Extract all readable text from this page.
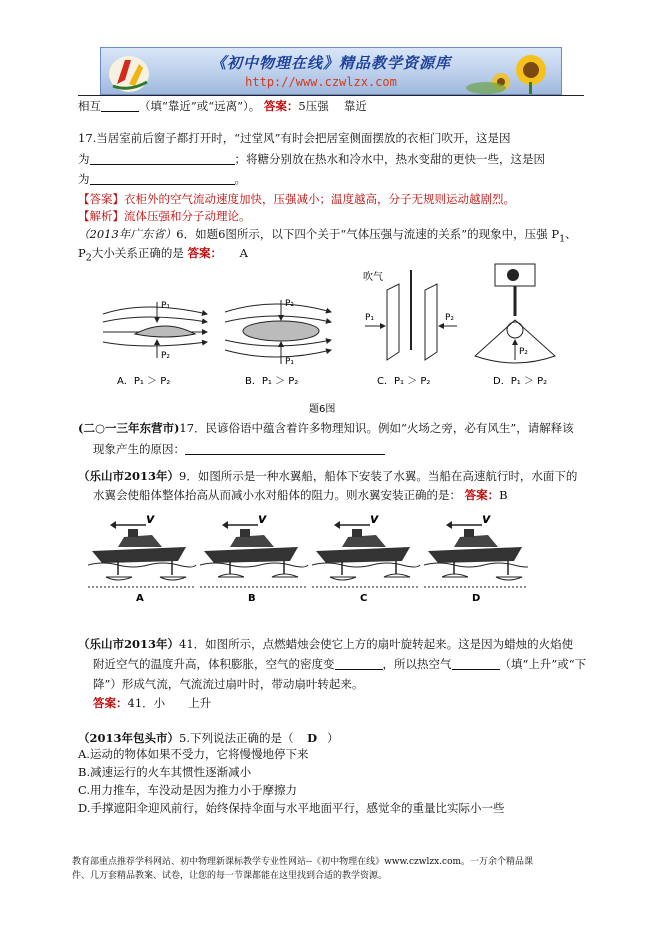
《初中物理在线》精品教学资源库
http://www.czwlzx.com
相互	（填“靠近”或“远离”）。 答案：5压强　 靠近
17.当居室前后窗子都打开时，“过堂风”有时会把居室侧面摆放的衣柜门吹开，这是因
为	；将糖分别放在热水和冷水中，热水变甜的更快一些，这是因
为	。
【答案】衣柜外的空气流动速度加快，压强减小；温度越高，分子无规则运动越剧烈。
【解析】流体压强和分子动理论。
（2013年广东省）6．如题6图所示，以下四个关于“气体压强与流速的关系”的现象中，压强 $P_1$、
$P_2$大小关系正确的是 答案： A
P₁
P₂
P₂
P₁
吹气
P₁	P₂
P₂
A．P₁ ＞ P₂	B．P₁ ＞ P₂	C．P₁ ＞ P₂	D．P₁ ＞ P₂
题6图
(二○一三年东营市)17．民谚俗语中蕴含着许多物理知识。例如“火场之旁，必有风生”，请解释该
现象产生的原因：
（乐山市2013年）9．如图所示是一种水翼船，船体下安装了水翼。当船在高速航行时，水面下的
水翼会使船体整体抬高从而减小水对船体的阻力。则水翼安装正确的是： 答案：B
v
A
v
B
v
C
v
D
（乐山市2013年）41．如图所示，点燃蜡烛会使它上方的扇叶旋转起来。这是因为蜡烛的火焰使
附近空气的温度升高，体积膨胀，空气的密度变	，所以热空气	（填“上升”或“下
降”）形成气流，气流流过扇叶时，带动扇叶转起来。
答案：41．小　　上升
（2013年包头市）5.下列说法正确的是（ D ）
A.运动的物体如果不受力，它将慢慢地停下来
B.减速运行的火车其惯性逐渐减小
C.用力推车，车没动是因为推力小于摩擦力
D.手撑遮阳伞迎风前行，始终保持伞面与水平地面平行，感觉伞的重量比实际小一些
教育部重点推荐学科网站、初中物理新课标教学专业性网站--《初中物理在线》www.czwlzx.com。一万余个精品课
件、几万套精品教案、试卷，让您的每一节课都能在这里找到合适的教学资源。
